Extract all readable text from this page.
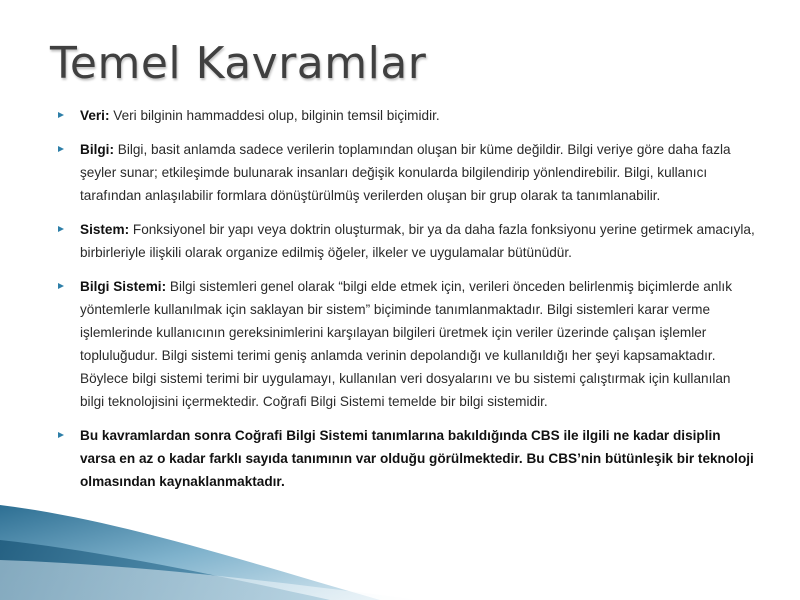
Temel Kavramlar
Veri: Veri bilginin hammaddesi olup, bilginin temsil biçimidir.
Bilgi: Bilgi, basit anlamda sadece verilerin toplamından oluşan bir küme değildir. Bilgi veriye göre daha fazla şeyler sunar; etkileşimde bulunarak insanları değişik konularda bilgilendirip yönlendirebilir. Bilgi, kullanıcı tarafından anlaşılabilir formlara dönüştürülmüş verilerden oluşan bir grup olarak ta tanımlanabilir.
Sistem: Fonksiyonel bir yapı veya doktrin oluşturmak, bir ya da daha fazla fonksiyonu yerine getirmek amacıyla, birbirleriyle ilişkili olarak organize edilmiş öğeler, ilkeler ve uygulamalar bütünüdür.
Bilgi Sistemi: Bilgi sistemleri genel olarak “bilgi elde etmek için, verileri önceden belirlenmiş biçimlerde anlık yöntemlerle kullanılmak için saklayan bir sistem” biçiminde tanımlanmaktadır. Bilgi sistemleri karar verme işlemlerinde kullanıcının gereksinimlerini karşılayan bilgileri üretmek için veriler üzerinde çalışan işlemler topluluğudur. Bilgi sistemi terimi geniş anlamda verinin depolandığı ve kullanıldığı her şeyi kapsamaktadır. Böylece bilgi sistemi terimi bir uygulamayı, kullanılan veri dosyalarını ve bu sistemi çalıştırmak için kullanılan bilgi teknolojisini içermektedir. Coğrafi Bilgi Sistemi temelde bir bilgi sistemidir.
Bu kavramlardan sonra Coğrafi Bilgi Sistemi tanımlarına bakıldığında CBS ile ilgili ne kadar disiplin varsa en az o kadar farklı sayıda tanımının var olduğu görülmektedir. Bu CBS’nin bütünleşik bir teknoloji olmasından kaynaklanmaktadır.
